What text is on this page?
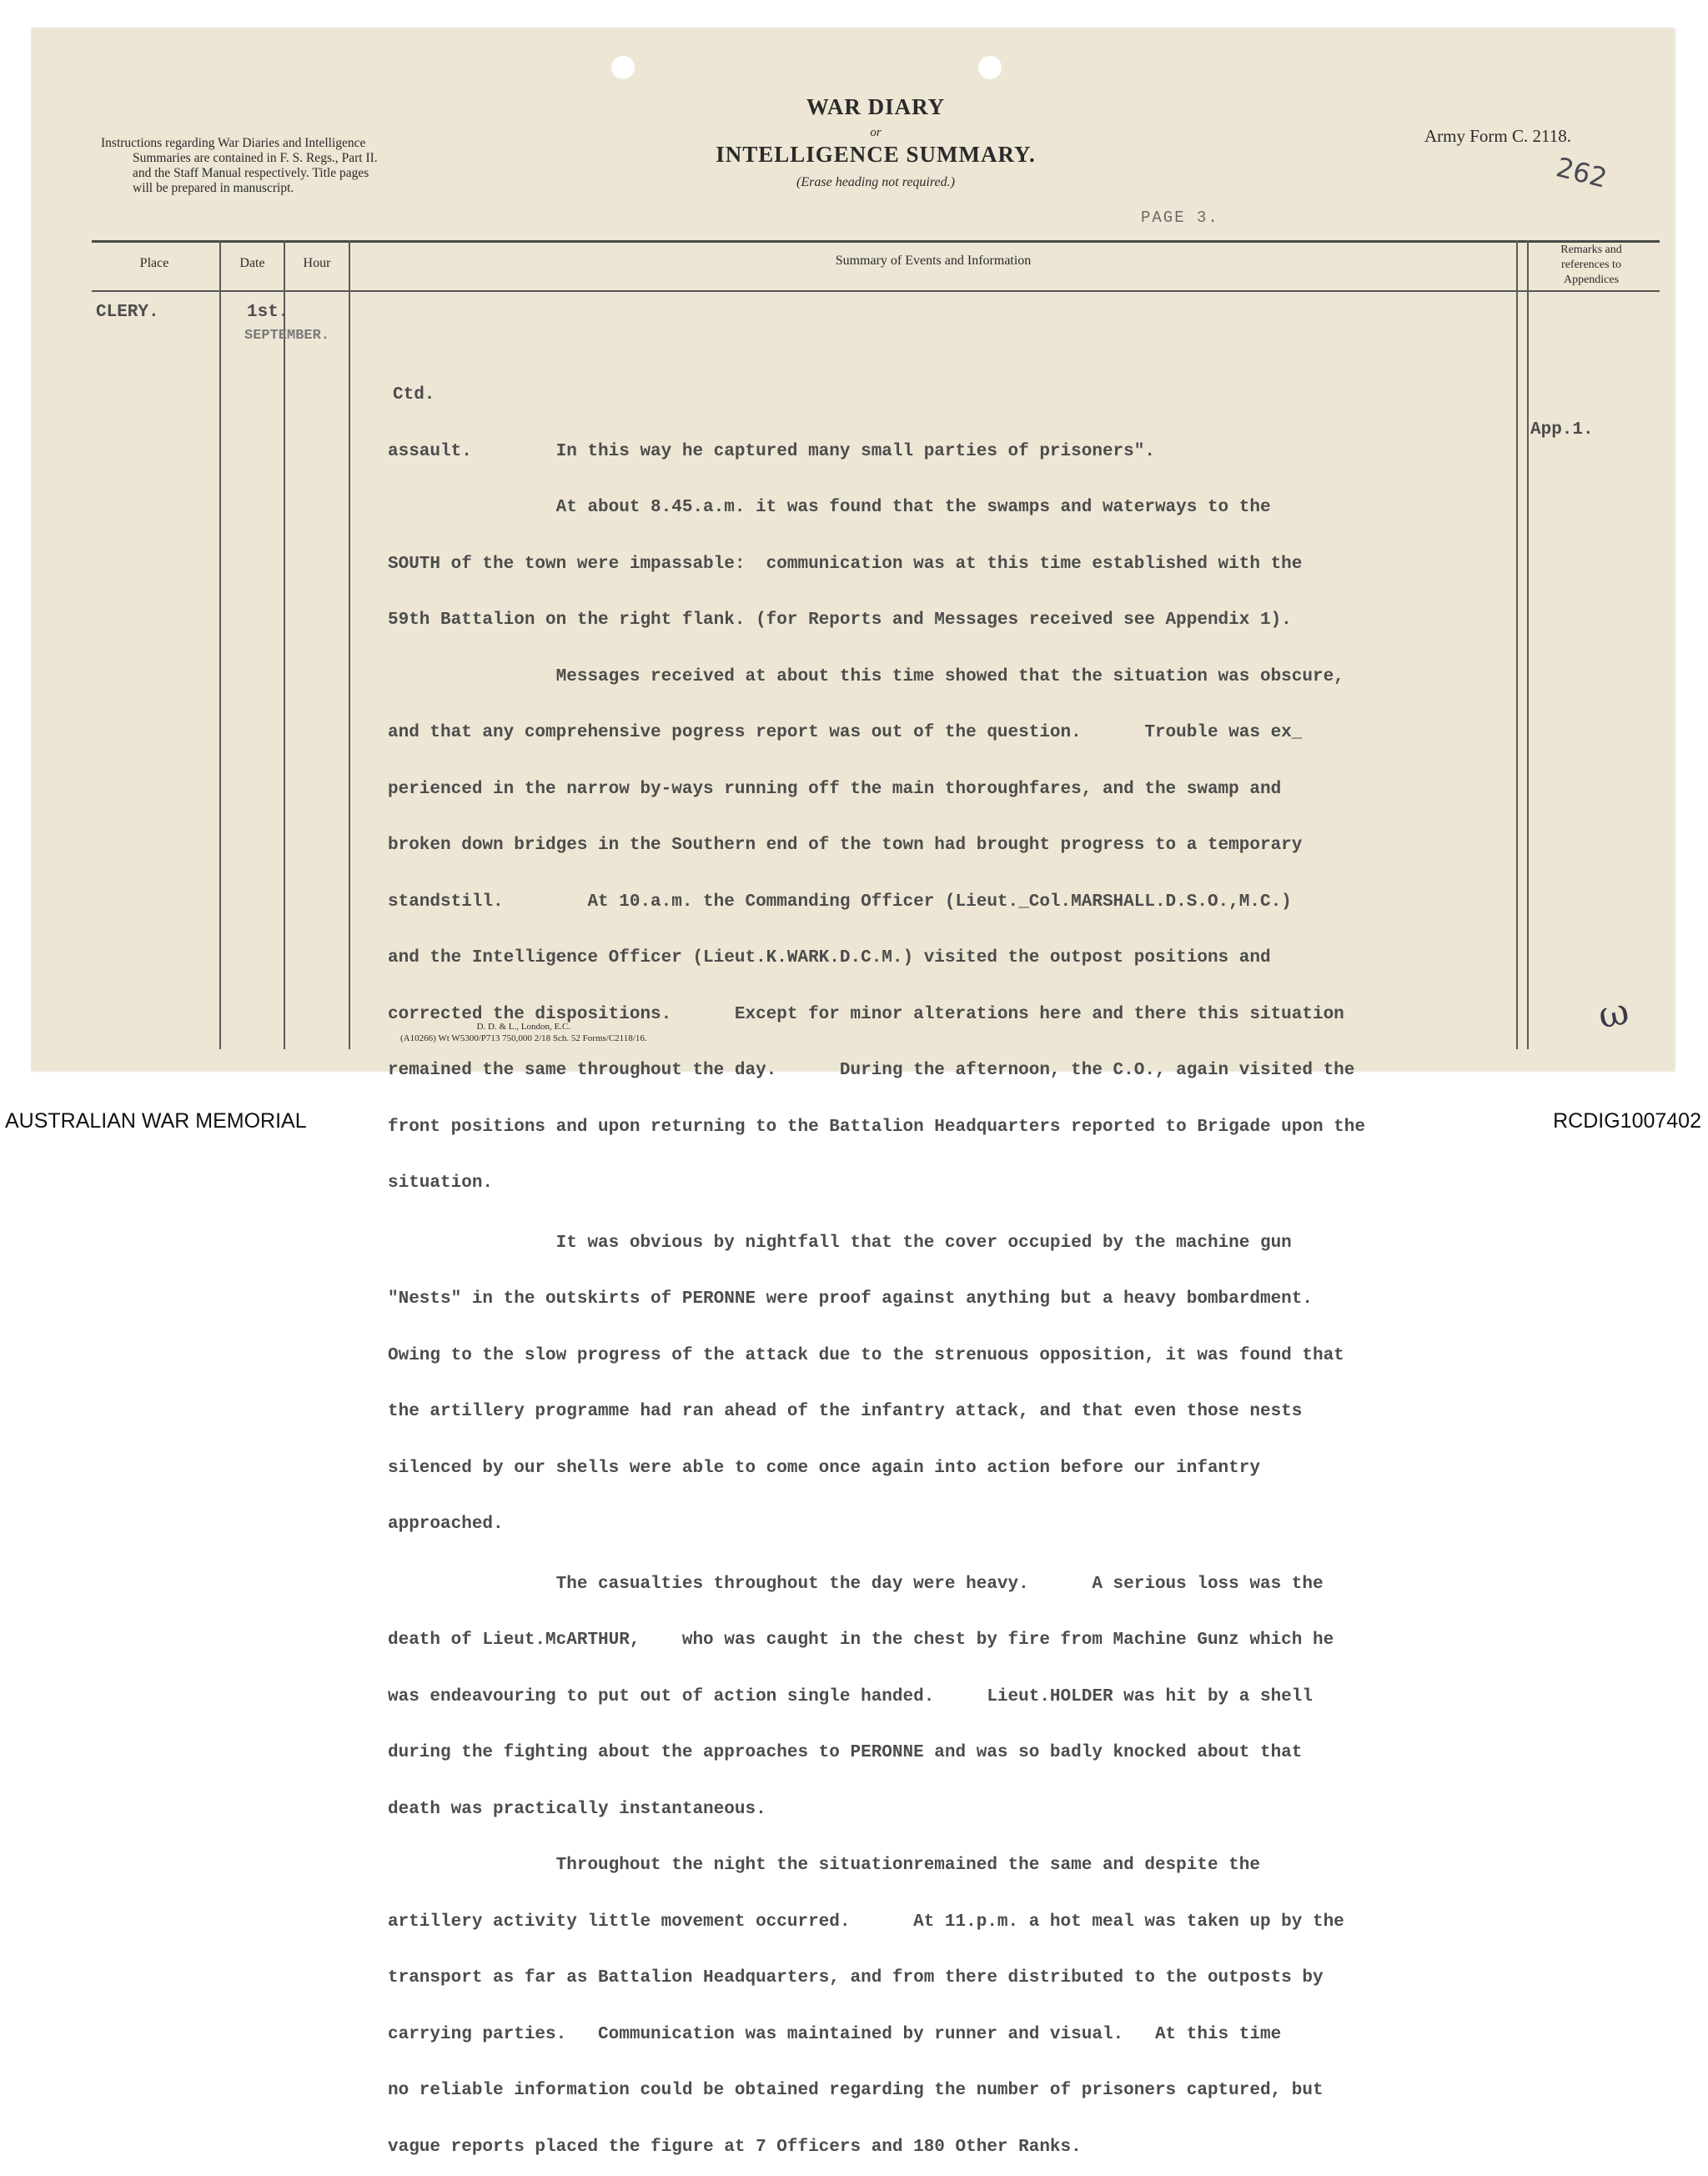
WAR DIARY
or
INTELLIGENCE SUMMARY.
(Erase heading not required.)
Instructions regarding War Diaries and Intelligence
Summaries are contained in F. S. Regs., Part II.
and the Staff Manual respectively. Title pages
will be prepared in manuscript.
Army Form C. 2118.
262
PAGE 3.
Place	Date	Hour	Summary of Events and Information
Remarks and
references to
Appendices
CLERY.	1st.
SEPTEMBER.
App.1.

Ctd.

assault.        In this way he captured many small parties of prisoners".

At about 8.45.a.m. it was found that the swamps and waterways to the

SOUTH of the town were impassable:  communication was at this time established with the

59th Battalion on the right flank. (for Reports and Messages received see Appendix 1).

Messages received at about this time showed that the situation was obscure,

and that any comprehensive pogress report was out of the question.      Trouble was ex_

perienced in the narrow by-ways running off the main thoroughfares, and the swamp and

broken down bridges in the Southern end of the town had brought progress to a temporary

standstill.        At 10.a.m. the Commanding Officer (Lieut._Col.MARSHALL.D.S.O.,M.C.)

and the Intelligence Officer (Lieut.K.WARK.D.C.M.) visited the outpost positions and

corrected the dispositions.      Except for minor alterations here and there this situation

remained the same throughout the day.      During the afternoon, the C.O., again visited the

front positions and upon returning to the Battalion Headquarters reported to Brigade upon the

situation.

It was obvious by nightfall that the cover occupied by the machine gun

"Nests" in the outskirts of PERONNE were proof against anything but a heavy bombardment.

Owing to the slow progress of the attack due to the strenuous opposition, it was found that

the artillery programme had ran ahead of the infantry attack, and that even those nests

silenced by our shells were able to come once again into action before our infantry

approached.

The casualties throughout the day were heavy.      A serious loss was the

death of Lieut.McARTHUR,    who was caught in the chest by fire from Machine Gunz which he

was endeavouring to put out of action single handed.     Lieut.HOLDER was hit by a shell

during the fighting about the approaches to PERONNE and was so badly knocked about that

death was practically instantaneous.

Throughout the night the situationremained the same and despite the

artillery activity little movement occurred.      At 11.p.m. a hot meal was taken up by the

transport as far as Battalion Headquarters, and from there distributed to the outposts by

carrying parties.   Communication was maintained by runner and visual.   At this time

no reliable information could be obtained regarding the number of prisoners captured, but

vague reports placed the figure at 7 Officers and 180 Other Ranks.

D. D. & L., London, E.C.
(A10266) Wt W5300/P713 750,000 2/18 Sch. 52 Forms/C2118/16.
ω
AUSTRALIAN WAR MEMORIAL	RCDIG1007402
